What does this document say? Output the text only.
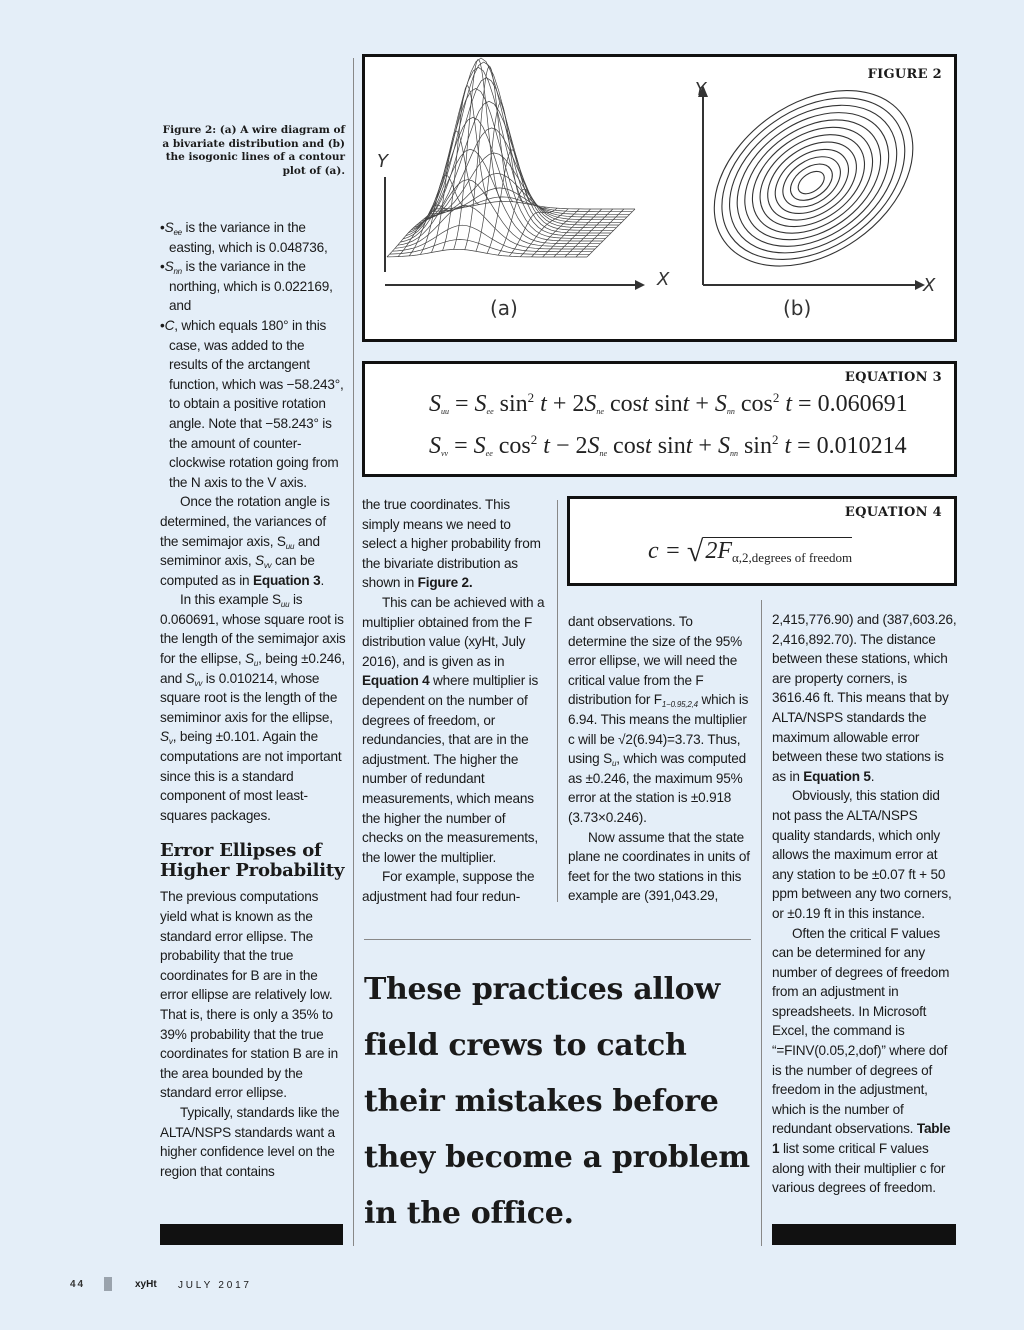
Figure 2: (a) A wire diagram of a bivariate distribution and (b) the isogonic lines of a contour plot of (a).
FIGURE 2
Y
X
(a)
Y
X
(b)
EQUATION 3
$S_{uu} = S_{ee}$ $\sin^2 t + 2S_{ne}$ cost $\sin t + S_{nn}$ $\cos^2 t = 0.060691$
$S_{vv} = S_{ee}$ $\cos^2 t - 2S_{ne}$ cost $\sin t + S_{nn}$ $\sin^2 t = 0.010214$
EQUATION 4
c = √2Fα,2,degrees of freedom

• $S_{ee}$ is the variance in the easting, which is 0.048736,

• $S_{nn}$ is the variance in the northing, which is 0.022169, and

• C, which equals 180° in this case, was added to the results of the arctangent function, which was −58.243°, to obtain a positive rotation angle. Note that −58.243° is the amount of counter-clockwise rotation going from the N axis to the V axis.

Once the rotation angle is determined, the variances of the semimajor axis, $S_{uu}$ and semiminor axis, $S_{vv}$ can be computed as in Equation 3.

In this example $S_{uu}$ is 0.060691, whose square root is the length of the semimajor axis for the ellipse, $S_u$, being ±0.246, and $S_{vv}$ is 0.010214, whose square root is the length of the semiminor axis for the ellipse, $S_v$, being ±0.101. Again the computations are not important since this is a standard component of most least-squares packages.

Error Ellipses of Higher Probability

The previous computations yield what is known as the standard error ellipse. The probability that the true coordinates for B are in the error ellipse are relatively low. That is, there is only a 35% to 39% probability that the true coordinates for station B are in the area bounded by the standard error ellipse.

Typically, standards like the ALTA/NSPS standards want a higher confidence level on the region that contains

the true coordinates. This simply means we need to select a higher probability from the bivariate distribution as shown in Figure 2.

This can be achieved with a multiplier obtained from the F distribution value (xyHt, July 2016), and is given as in Equation 4 where multiplier is dependent on the number of degrees of freedom, or redundancies, that are in the adjustment. The higher the number of redundant measurements, which means the higher the number of checks on the measurements, the lower the multiplier.

For example, suppose the adjustment had four redun-

dant observations. To determine the size of the 95% error ellipse, we will need the critical value from the F distribution for $F_{1-0.95,2,4}$ which is 6.94. This means the multiplier c will be √2(6.94)=3.73. Thus, using $S_u$, which was computed as ±0.246, the maximum 95% error at the station is ±0.918 (3.73×0.246).

Now assume that the state plane ne coordinates in units of feet for the two stations in this example are (391,043.29,

2,415,776.90) and (387,603.26, 2,416,892.70). The distance between these stations, which are property corners, is 3616.46 ft. This means that by ALTA/NSPS standards the maximum allowable error between these two stations is as in Equation 5.

Obviously, this station did not pass the ALTA/NSPS quality standards, which only allows the maximum error at any station to be ±0.07 ft + 50 ppm between any two corners, or ±0.19 ft in this instance.

Often the critical F values can be determined for any number of degrees of freedom from an adjustment in spreadsheets. In Microsoft Excel, the command is “=FINV(0.05,2,dof)” where dof is the number of degrees of freedom in the adjustment, which is the number of redundant observations. Table 1 list some critical F values along with their multiplier c for various degrees of freedom.

These practices allow field crews to catch their mistakes before they become a problem in the office.
44	xyHt J U L Y   2 0 1 7
